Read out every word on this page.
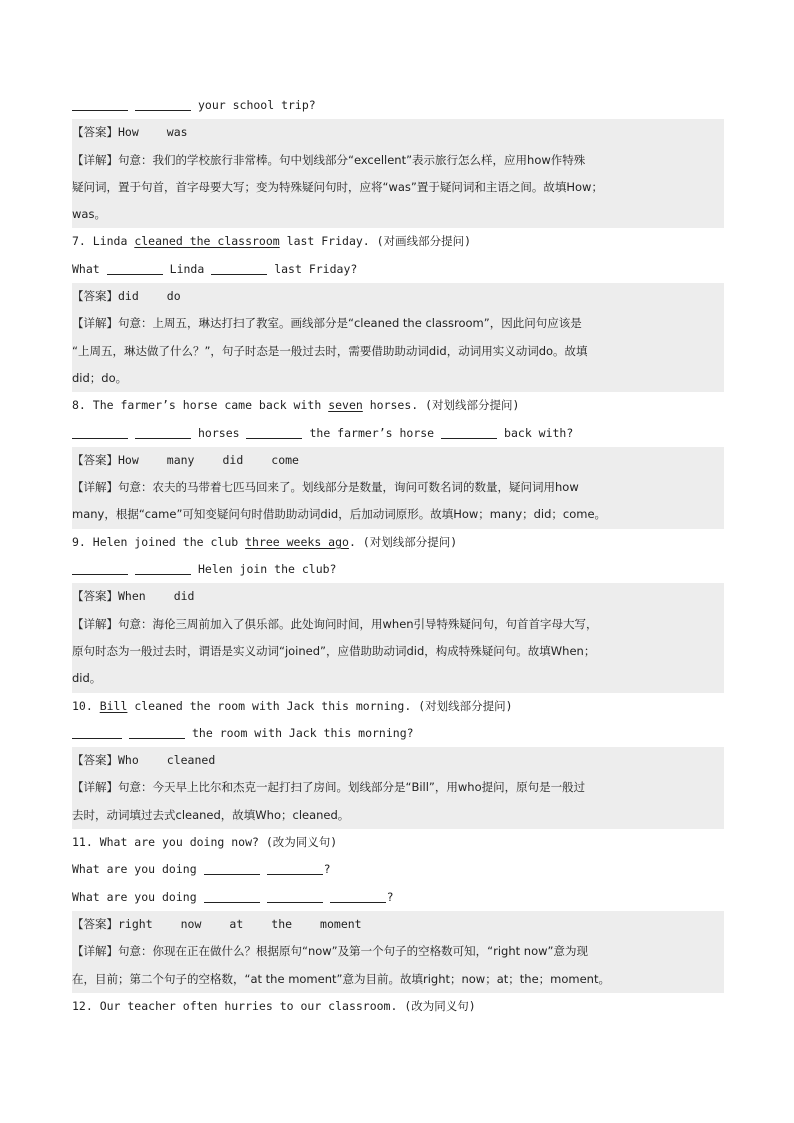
your school trip?
【答案】How was
【详解】句意：我们的学校旅行非常棒。句中划线部分“excellent”表示旅行怎么样，应用how作特殊
疑问词，置于句首，首字母要大写；变为特殊疑问句时，应将“was”置于疑问词和主语之间。故填How；
was。
7. Linda cleaned the classroom last Friday. (对画线部分提问)
What	Linda	last Friday?
【答案】did do
【详解】句意：上周五，琳达打扫了教室。画线部分是“cleaned the classroom”，因此问句应该是
“上周五，琳达做了什么？”，句子时态是一般过去时，需要借助助动词did，动词用实义动词do。故填
did；do。
8. The farmer’s horse came back with seven horses. (对划线部分提问)
horses	the farmer’s horse	back with?
【答案】How many did come
【详解】句意：农夫的马带着七匹马回来了。划线部分是数量，询问可数名词的数量，疑问词用how
many，根据“came”可知变疑问句时借助助动词did，后加动词原形。故填How；many；did；come。
9. Helen joined the club three weeks ago. (对划线部分提问)
Helen join the club?
【答案】When did
【详解】句意：海伦三周前加入了俱乐部。此处询问时间，用when引导特殊疑问句，句首首字母大写，
原句时态为一般过去时，谓语是实义动词“joined”，应借助助动词did，构成特殊疑问句。故填When；
did。
10. Bill cleaned the room with Jack this morning. (对划线部分提问)
the room with Jack this morning?
【答案】Who cleaned
【详解】句意：今天早上比尔和杰克一起打扫了房间。划线部分是“Bill”，用who提问，原句是一般过
去时，动词填过去式cleaned，故填Who；cleaned。
11. What are you doing now? (改为同义句)
What are you doing	?
What are you doing	?
【答案】right now at the moment
【详解】句意：你现在正在做什么？根据原句“now”及第一个句子的空格数可知，“right now”意为现
在，目前；第二个句子的空格数，“at the moment”意为目前。故填right；now；at；the；moment。
12. Our teacher often hurries to our classroom. (改为同义句)
